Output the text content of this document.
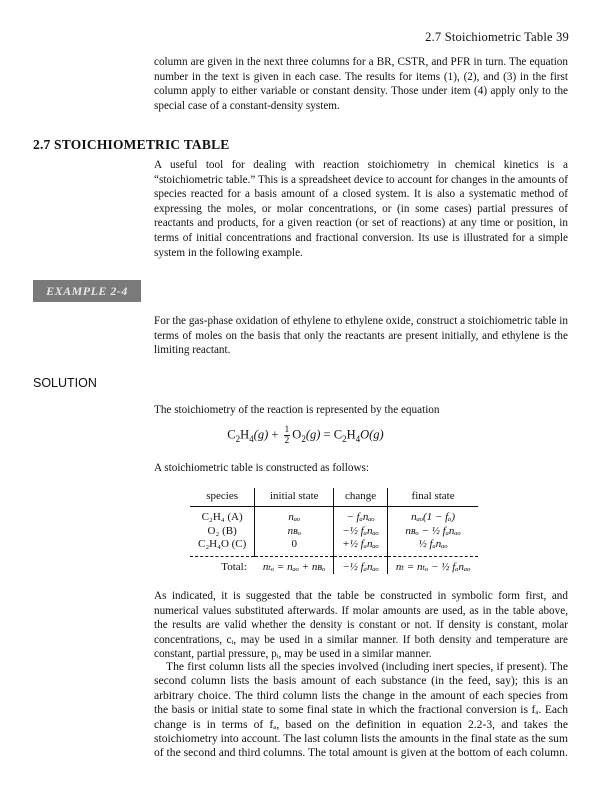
2.7 Stoichiometric Table 39

column are given in the next three columns for a BR, CSTR, and PFR in turn. The equation number in the text is given in each case. The results for items (1), (2), and (3) in the first column apply to either variable or constant density. Those under item (4) apply only to the special case of a constant-density system.

2.7 STOICHIOMETRIC TABLE

A useful tool for dealing with reaction stoichiometry in chemical kinetics is a “stoichiometric table.” This is a spreadsheet device to account for changes in the amounts of species reacted for a basis amount of a closed system. It is also a systematic method of expressing the moles, or molar concentrations, or (in some cases) partial pressures of reactants and products, for a given reaction (or set of reactions) at any time or position, in terms of initial concentrations and fractional conversion. Its use is illustrated for a simple system in the following example.

EXAMPLE 2-4

For the gas-phase oxidation of ethylene to ethylene oxide, construct a stoichiometric table in terms of moles on the basis that only the reactants are present initially, and ethylene is the limiting reactant.

SOLUTION

The stoichiometry of the reaction is represented by the equation

$C_2H_4(g) + \frac{1}{2} O_2(g) = C_2H_4O(g)$

A stoichiometric table is constructed as follows:

species	initial state	change	final state
C₂H₄ (A)	nₐₒ	− fₐnₐₒ	nₐₒ(1 − fₐ)
O₂ (B)	nʙₒ	−½ fₐnₐₒ	nʙₒ − ½ fₐnₐₒ
C₂H₄O (C)	0	+½ fₐnₐₒ	½ fₐnₐₒ
Total:	nₜₒ = nₐₒ + nʙₒ	−½ fₐnₐₒ	nₜ = nₜₒ − ½ fₐnₐₒ

As indicated, it is suggested that the table be constructed in symbolic form first, and numerical values substituted afterwards. If molar amounts are used, as in the table above, the results are valid whether the density is constant or not. If density is constant, molar concentrations, cᵢ, may be used in a similar manner. If both density and temperature are constant, partial pressure, pᵢ, may be used in a similar manner.

The first column lists all the species involved (including inert species, if present). The second column lists the basis amount of each substance (in the feed, say); this is an arbitrary choice. The third column lists the change in the amount of each species from the basis or initial state to some final state in which the fractional conversion is fₐ. Each change is in terms of fₐ, based on the definition in equation 2.2-3, and takes the stoichiometry into account. The last column lists the amounts in the final state as the sum of the second and third columns. The total amount is given at the bottom of each column.
